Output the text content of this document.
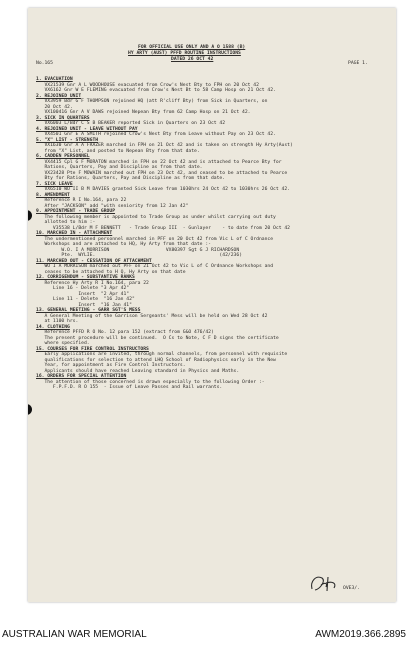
FOR OFFICIAL USE ONLY AND A O 1588 (B)
HY ARTY (AUST) PFFD ROUTINE INSTRUCTIONS
DATED 26 OCT 42
No.165	PAGE 1.
1. EVACUATION
VX21539 Gnr A L WOODHOUSE evacuated from Crow's Nest Bty to FPH on 20 Oct 42
VX6162 Gnr W E FLEMING evacuated from Crow's Nest Bt to 58 Camp Hosp on 21 Oct 42.
2. REJOINED UNIT
VX3959 Bdr G F THOMPSON rejoined HQ (att R'cliff Bty) from Sick in Quarters, on
20 Oct 42.
VX100416 Gnr A V DAWS rejoined Nepean Bty from 62 Camp Hosp on 21 Oct 42.
3. SICK IN QUARTERS
VX6003 L/Bdr C S B BEAKER reported Sick in Quarters on 23 Oct 42
4. REJOINED UNIT - LEAVE WITHOUT PAY
VX4501 Gnr E A SMITH rejoined Crow's Nest Bty from Leave without Pay on 23 Oct 42.
5. "X" LIST - STRENGTH
VX1630 Gnr A A FRAZER marched in FPH on 21 Oct 42 and is taken on strength Hy Arty(Aust)
from "X" List, and posted to Nepean Bty from that date.
6. CADDEN PERSONNEL
VX4415 Cpl G F MORATON marched in FPH on 22 Oct 42 and is attached to Pearce Bty for
Rations, Quarters, Pay and Discipline as from that date.
VX23428 Pte F MOWAIN marched out FPH on 23 Oct 42, and ceased to be attached to Pearce
Bty for Rations, Quarters, Pay and Discipline as from that date.
7. SICK LEAVE
VX6510 WO II B M DAVIES granted Sick Leave from 1030hrs 24 Oct 42 to 1030hrs 26 Oct 42.
8. AMENDMENT
Reference R I No.164, para 22
After "JACKSON" add "with seniority from 12 Jan 42"
9. APPOINTMENT - TRADE GROUP
The following member is appointed to Trade Group as under whilst carrying out duty
allotted to him :-
V35538 L/Bdr M F BENNETT   - Trade Group III  - Gunlayer    - to date from 20 Oct 42
10. MARCHED IN - ATTACHMENT
The undermentioned personnel marched in PFF on 20 Oct 42 from Vic L of C Ordnance
Workshops and are attached to HQ, Hy Arty from that date :-
W.O. I A MORRISON                    VX80397 Sgt G J RICHARDSON
Pte.  WYLIE.                                            (42/236)
11. MARCHED OUT - CESSATION OF ATTACHMENT
WO I A MORRISON marched out PFF on 21 Oct 42 to Vic L of C Ordnance Workshops and
ceases to be attached to H Q, Hy Arty on that date
12. CORRIGENDUM - SUBSTANTIVE RANKS
Reference Hy Arty R I No.164, para 22
Line 16 - Delete "3 Apr 42"
Insert  "2 Apr 41"
Line 11 - Delete  "16 Jan 42"
Insert  "16 Jan 41"
13. GENERAL MEETING - GARR SGT'S MESS
A General Meeting of the Garrison Sergeants' Mess will be held on Wed 28 Oct 42
at 1100 hrs.
14. CLOTHING
Reference PFFD R O No. 12 para 152 (extract from G&O 476/42)
The present procedure will be continued.  O Cs to Note, C F D signs the certificate
where specified.
15. COURSES FOR FIRE CONTROL INSTRUCTORS
Early applications are invited, through normal channels, from personnel with requisite
qualifications for selection to attend LHQ School of Radiophysics early in the New
Year, for appointment as Fire Control Instructors.
Applicants should have reached Leaving standard in Physics and Maths.
16. ORDERS FOR SPECIAL ATTENTION
The attention of those concerned is drawn especially to the following Order :-
F.P.F.D. R O 155  - Issue of Leave Passes and Rail warrants.
OVE3/.
AUSTRALIAN WAR MEMORIAL	AWM2019.366.2895
